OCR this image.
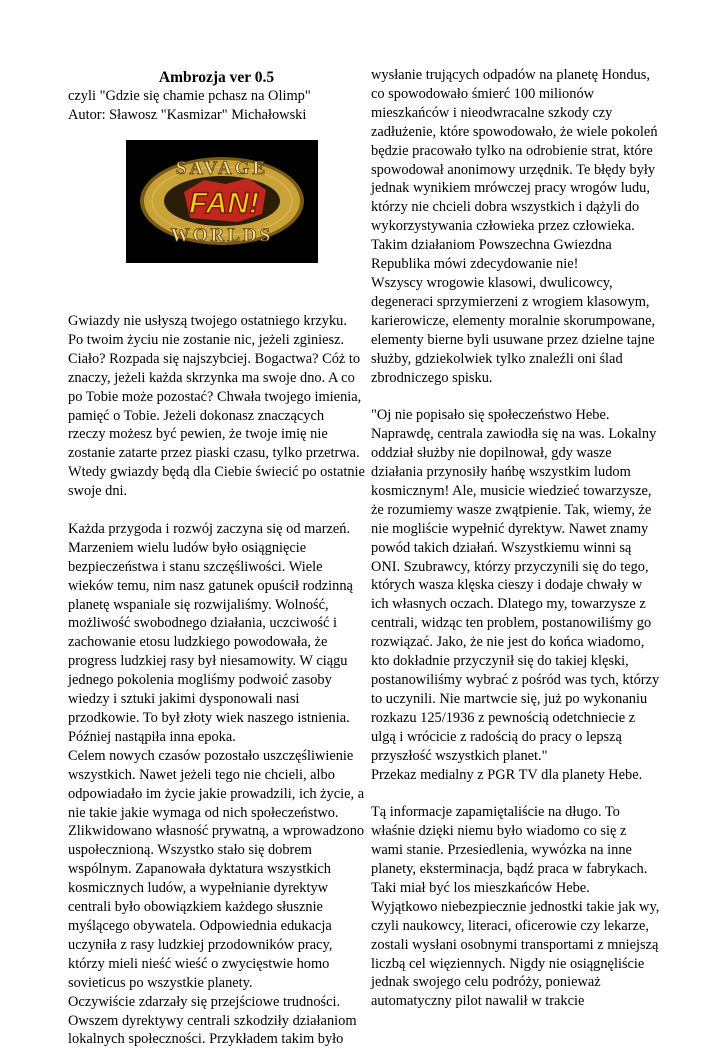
Ambrozja ver 0.5

czyli "Gdzie się chamie pchasz na Olimp"

Autor: Sławosz "Kasmizar" Michałowski

SAVAGE
WORLDS
FAN!

Gwiazdy nie usłyszą twojego ostatniego krzyku. Po twoim życiu nie zostanie nic, jeżeli zginiesz. Ciało? Rozpada się najszybciej. Bogactwa? Cóż to znaczy, jeżeli każda skrzynka ma swoje dno. A co po Tobie może pozostać? Chwała twojego imienia, pamięć o Tobie. Jeżeli dokonasz znaczących rzeczy możesz być pewien, że twoje imię nie zostanie zatarte przez piaski czasu, tylko przetrwa. Wtedy gwiazdy będą dla Ciebie świecić po ostatnie swoje dni.

Każda przygoda i rozwój zaczyna się od marzeń. Marzeniem wielu ludów było osiągnięcie bezpieczeństwa i stanu szczęśliwości. Wiele wieków temu, nim nasz gatunek opuścił rodzinną planetę wspaniale się rozwijaliśmy. Wolność, możliwość swobodnego działania, uczciwość i zachowanie etosu ludzkiego powodowała, że progress ludzkiej rasy był niesamowity. W ciągu jednego pokolenia mogliśmy podwoić zasoby wiedzy i sztuki jakimi dysponowali nasi przodkowie. To był złoty wiek naszego istnienia. Później nastąpiła inna epoka.

Celem nowych czasów pozostało uszczęśliwienie wszystkich. Nawet jeżeli tego nie chcieli, albo odpowiadało im życie jakie prowadzili, ich życie, a nie takie jakie wymaga od nich społeczeństwo. Zlikwidowano własność prywatną, a wprowadzono uspołecznioną. Wszystko stało się dobrem wspólnym. Zapanowała dyktatura wszystkich kosmicznych ludów, a wypełnianie dyrektyw centrali było obowiązkiem każdego słusznie myślącego obywatela. Odpowiednia edukacja uczyniła z rasy ludzkiej przodowników pracy, którzy mieli nieść wieść o zwycięstwie homo sovieticus po wszystkie planety.

Oczywiście zdarzały się przejściowe trudności. Owszem dyrektywy centrali szkodziły działaniom lokalnych społeczności. Przykładem takim było

wysłanie trujących odpadów na planetę Hondus, co spowodowało śmierć 100 milionów mieszkańców i nieodwracalne szkody czy zadłużenie, które spowodowało, że wiele pokoleń będzie pracowało tylko na odrobienie strat, które spowodował anonimowy urzędnik. Te błędy były jednak wynikiem mrówczej pracy wrogów ludu, którzy nie chcieli dobra wszystkich i dążyli do wykorzystywania człowieka przez człowieka. Takim działaniom Powszechna Gwiezdna Republika mówi zdecydowanie nie!

Wszyscy wrogowie klasowi, dwulicowcy, degeneraci sprzymierzeni z wrogiem klasowym, karierowicze, elementy moralnie skorumpowane, elementy bierne byli usuwane przez dzielne tajne służby, gdziekolwiek tylko znaleźli oni ślad zbrodniczego spisku.

"Oj nie popisało się społeczeństwo Hebe. Naprawdę, centrala zawiodła się na was. Lokalny oddział służby nie dopilnował, gdy wasze działania przynosiły hańbę wszystkim ludom kosmicznym! Ale, musicie wiedzieć towarzysze, że rozumiemy wasze zwątpienie. Tak, wiemy, że nie mogliście wypełnić dyrektyw. Nawet znamy powód takich działań. Wszystkiemu winni są ONI. Szubrawcy, którzy przyczynili się do tego, których wasza klęska cieszy i dodaje chwały w ich własnych oczach. Dlatego my, towarzysze z centrali, widząc ten problem, postanowiliśmy go rozwiązać. Jako, że nie jest do końca wiadomo, kto dokładnie przyczynił się do takiej klęski, postanowiliśmy wybrać z pośród was tych, którzy to uczynili. Nie martwcie się, już po wykonaniu rozkazu 125/1936 z pewnością odetchniecie z ulgą i wrócicie z radością do pracy o lepszą przyszłość wszystkich planet."

Przekaz medialny z PGR TV dla planety Hebe.

Tą informacje zapamiętaliście na długo. To właśnie dzięki niemu było wiadomo co się z wami stanie. Przesiedlenia, wywózka na inne planety, eksterminacja, bądź praca w fabrykach. Taki miał być los mieszkańców Hebe.

Wyjątkowo niebezpiecznie jednostki takie jak wy, czyli naukowcy, literaci, oficerowie czy lekarze, zostali wysłani osobnymi transportami z mniejszą liczbą cel więziennych. Nigdy nie osiągnęliście jednak swojego celu podróży, ponieważ automatyczny pilot nawalił w trakcie
